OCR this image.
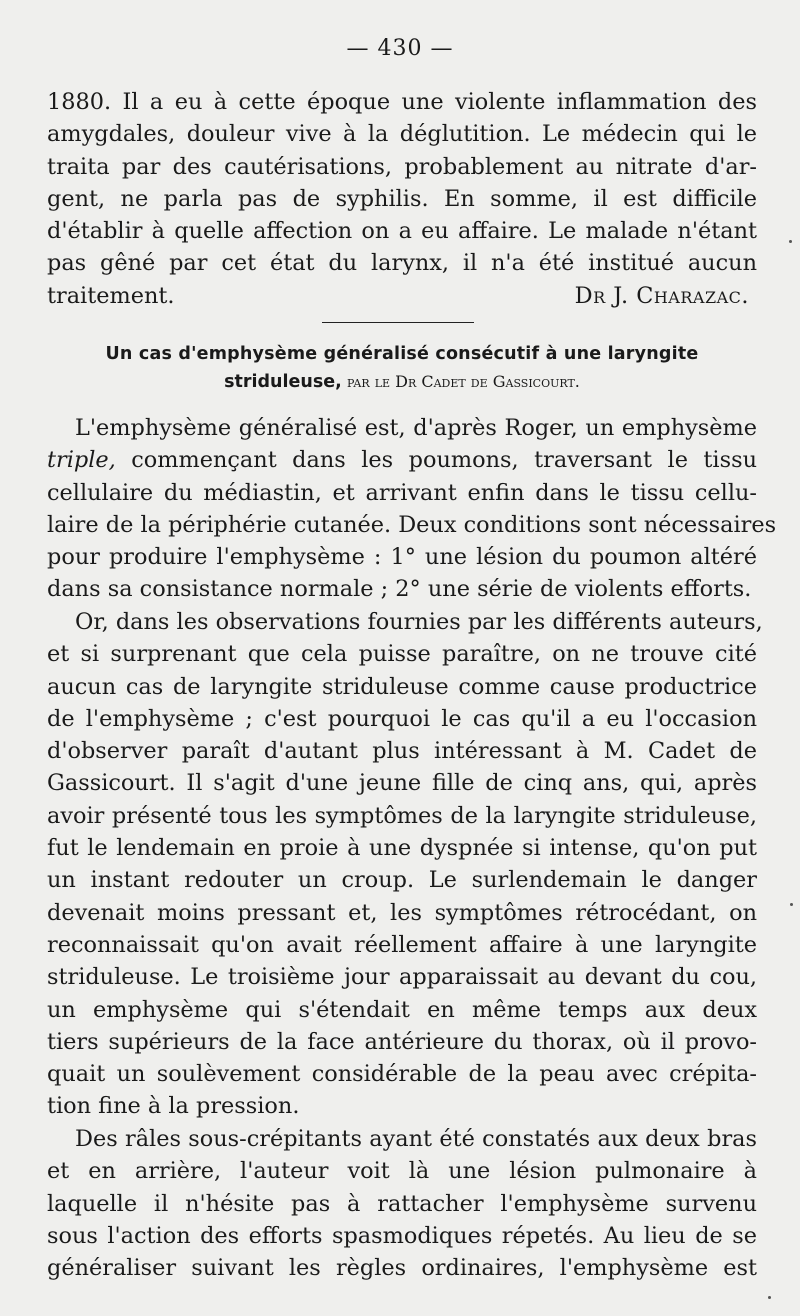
— 430 —
1880. Il a eu à cette époque une violente inflammation des
amygdales, douleur vive à la déglutition. Le médecin qui le
traita par des cautérisations, probablement au nitrate d'ar-
gent, ne parla pas de syphilis. En somme, il est difficile
d'établir à quelle affection on a eu affaire. Le malade n'étant
pas gêné par cet état du larynx, il n'a été institué aucun
traitement.	Dr J. Charazac.
Un cas d'emphysème généralisé consécutif à une laryngite
striduleuse, par le Dr Cadet de Gassicourt.
L'emphysème généralisé est, d'après Roger, un emphysème
triple, commençant dans les poumons, traversant le tissu
cellulaire du médiastin, et arrivant enfin dans le tissu cellu-
laire de la périphérie cutanée. Deux conditions sont nécessaires
pour produire l'emphysème : 1° une lésion du poumon altéré
dans sa consistance normale ; 2° une série de violents efforts.
Or, dans les observations fournies par les différents auteurs,
et si surprenant que cela puisse paraître, on ne trouve cité
aucun cas de laryngite striduleuse comme cause productrice
de l'emphysème ; c'est pourquoi le cas qu'il a eu l'occasion
d'observer paraît d'autant plus intéressant à M. Cadet de
Gassicourt. Il s'agit d'une jeune fille de cinq ans, qui, après
avoir présenté tous les symptômes de la laryngite striduleuse,
fut le lendemain en proie à une dyspnée si intense, qu'on put
un instant redouter un croup. Le surlendemain le danger
devenait moins pressant et, les symptômes rétrocédant, on
reconnaissait qu'on avait réellement affaire à une laryngite
striduleuse. Le troisième jour apparaissait au devant du cou,
un emphysème qui s'étendait en même temps aux deux
tiers supérieurs de la face antérieure du thorax, où il provo-
quait un soulèvement considérable de la peau avec crépita-
tion fine à la pression.
Des râles sous-crépitants ayant été constatés aux deux bras
et en arrière, l'auteur voit là une lésion pulmonaire à
laquelle il n'hésite pas à rattacher l'emphysème survenu
sous l'action des efforts spasmodiques répetés. Au lieu de se
généraliser suivant les règles ordinaires, l'emphysème est
